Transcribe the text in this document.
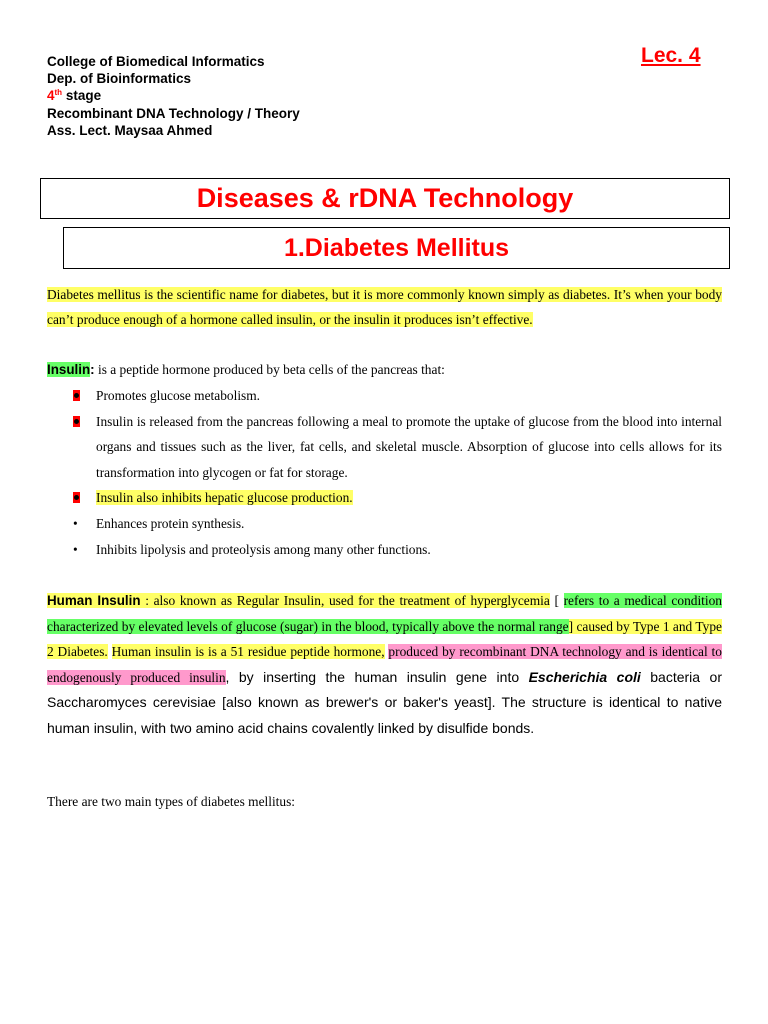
College of Biomedical Informatics
Dep. of Bioinformatics
4th stage
Recombinant DNA Technology / Theory
Ass. Lect. Maysaa Ahmed
Lec. 4
Diseases & rDNA Technology
1.Diabetes Mellitus
Diabetes mellitus is the scientific name for diabetes, but it is more commonly known simply as diabetes. It’s when your body can’t produce enough of a hormone called insulin, or the insulin it produces isn’t effective.
Insulin: is a peptide hormone produced by beta cells of the pancreas that:
Promotes glucose metabolism.
Insulin is released from the pancreas following a meal to promote the uptake of glucose from the blood into internal organs and tissues such as the liver, fat cells, and skeletal muscle. Absorption of glucose into cells allows for its transformation into glycogen or fat for storage.
Insulin also inhibits hepatic glucose production.
• Enhances protein synthesis.
• Inhibits lipolysis and proteolysis among many other functions.
Human Insulin : also known as Regular Insulin, used for the treatment of hyperglycemia [ refers to a medical condition characterized by elevated levels of glucose (sugar) in the blood, typically above the normal range] caused by Type 1 and Type 2 Diabetes. Human insulin is is a 51 residue peptide hormone, produced by recombinant DNA technology and is identical to endogenously produced insulin, by inserting the human insulin gene into Escherichia coli bacteria or Saccharomyces cerevisiae [also known as brewer's or baker's yeast]. The structure is identical to native human insulin, with two amino acid chains covalently linked by disulfide bonds.
There are two main types of diabetes mellitus:
